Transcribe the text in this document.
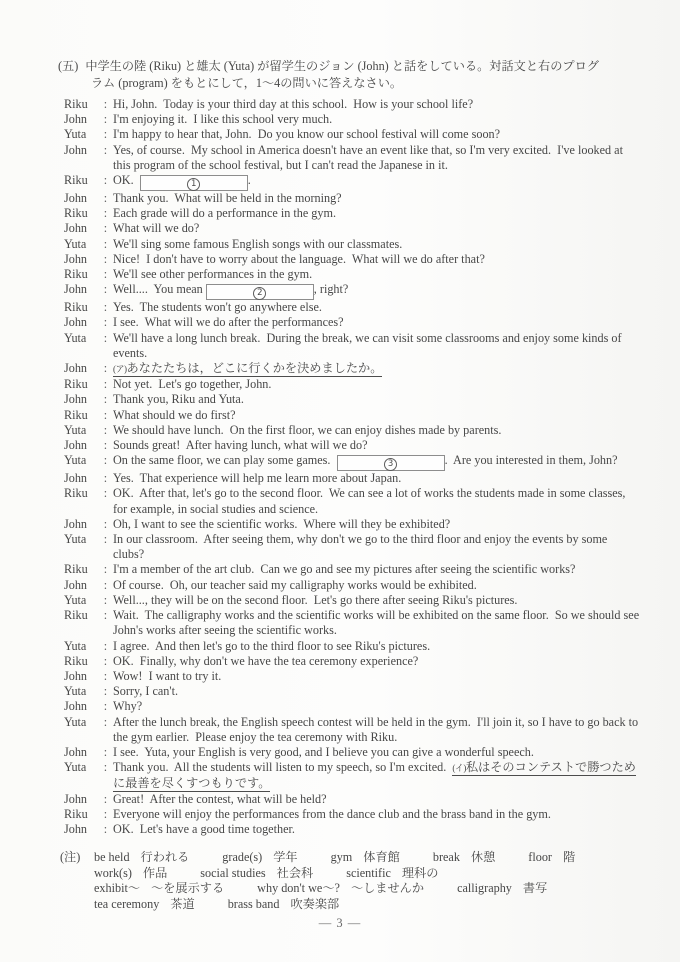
(五) 中学生の陸 (Riku) と雄太 (Yuta) が留学生のジョン (John) と話をしている。対話文と右のプログ
ラム (program) をもとにして，1～4の問いに答えなさい。
Riku	: Hi, John.  Today is your third day at this school.  How is your school life?
John	: I'm enjoying it.  I like this school very much.
Yuta	: I'm happy to hear that, John.  Do you know our school festival will come soon?
John	: Yes, of course.  My school in America doesn't have an event like that, so I'm very excited.  I've looked at this program of the school festival, but I can't read the Japanese in it.
Riku	: OK.	1	.
John	: Thank you.  What will be held in the morning?
Riku	: Each grade will do a performance in the gym.
John	: What will we do?
Yuta	: We'll sing some famous English songs with our classmates.
John	: Nice!  I don't have to worry about the language.  What will we do after that?
Riku	: We'll see other performances in the gym.
John	: Well....  You mean	2	, right?
Riku	: Yes.  The students won't go anywhere else.
John	: I see.  What will we do after the performances?
Yuta	: We'll have a long lunch break.  During the break, we can visit some classrooms and enjoy some kinds of events.
John	: (ア)あなたたちは，どこに行くかを決めましたか。
Riku	: Not yet.  Let's go together, John.
John	: Thank you, Riku and Yuta.
Riku	: What should we do first?
Yuta	: We should have lunch.  On the first floor, we can enjoy dishes made by parents.
John	: Sounds great!  After having lunch, what will we do?
Yuta	: On the same floor, we can play some games.	3	.  Are you interested in them, John?
John	: Yes.  That experience will help me learn more about Japan.
Riku	: OK.  After that, let's go to the second floor.  We can see a lot of works the students made in some classes, for example, in social studies and science.
John	: Oh, I want to see the scientific works.  Where will they be exhibited?
Yuta	: In our classroom.  After seeing them, why don't we go to the third floor and enjoy the events by some clubs?
Riku	: I'm a member of the art club.  Can we go and see my pictures after seeing the scientific works?
John	: Of course.  Oh, our teacher said my calligraphy works would be exhibited.
Yuta	: Well..., they will be on the second floor.  Let's go there after seeing Riku's pictures.
Riku	: Wait.  The calligraphy works and the scientific works will be exhibited on the same floor.  So we should see John's works after seeing the scientific works.
Yuta	: I agree.  And then let's go to the third floor to see Riku's pictures.
Riku	: OK.  Finally, why don't we have the tea ceremony experience?
John	: Wow!  I want to try it.
Yuta	: Sorry, I can't.
John	: Why?
Yuta	: After the lunch break, the English speech contest will be held in the gym.  I'll join it, so I have to go back to the gym earlier.  Please enjoy the tea ceremony with Riku.
John	: I see.  Yuta, your English is very good, and I believe you can give a wonderful speech.
Yuta	: Thank you.  All the students will listen to my speech, so I'm excited.  (イ)私はそのコンテストで勝つために最善を尽くすつもりです。
John	: Great!  After the contest, what will be held?
Riku	: Everyone will enjoy the performances from the dance club and the brass band in the gym.
John	: OK.  Let's have a good time together.
(注)	be held 行われる	grade(s) 学年	gym 体育館	break 休憩	floor 階
work(s) 作品	social studies 社会科	scientific 理科の
exhibit～ ～を展示する	why don't we～? ～しませんか	calligraphy 書写
tea ceremony 茶道	brass band 吹奏楽部
— 3 —
